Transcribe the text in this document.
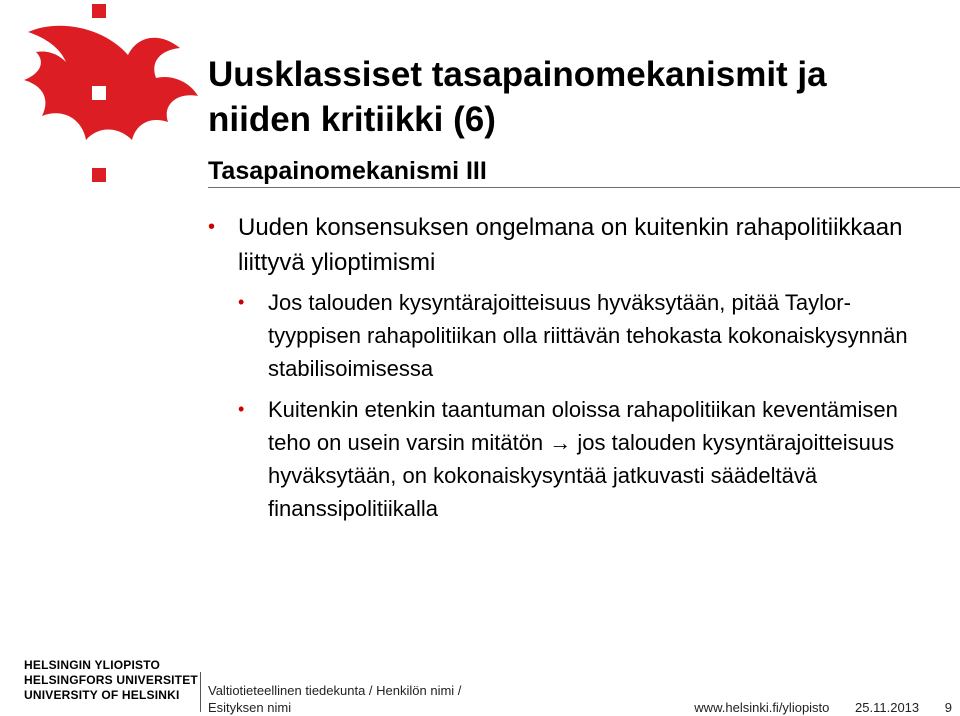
Uusklassiset tasapainomekanismit ja niiden kritiikki (6)
Tasapainomekanismi III
• Uuden konsensuksen ongelmana on kuitenkin rahapolitiikkaan liittyvä ylioptimismi
• Jos talouden kysyntärajoitteisuus hyväksytään, pitää Taylor-tyyppisen rahapolitiikan olla riittävän tehokasta kokonaiskysynnän stabilisoimisessa
• Kuitenkin etenkin taantuman oloissa rahapolitiikan keventämisen teho on usein varsin mitätön → jos talouden kysyntärajoitteisuus hyväksytään, on kokonaiskysyntää jatkuvasti säädeltävä finanssipolitiikalla
HELSINGIN YLIOPISTO
HELSINGFORS UNIVERSITET
UNIVERSITY OF HELSINKI	Valtiotieteellinen tiedekunta / Henkilön nimi /
Esityksen nimi	www.helsinki.fi/yliopisto 25.11.2013 9
